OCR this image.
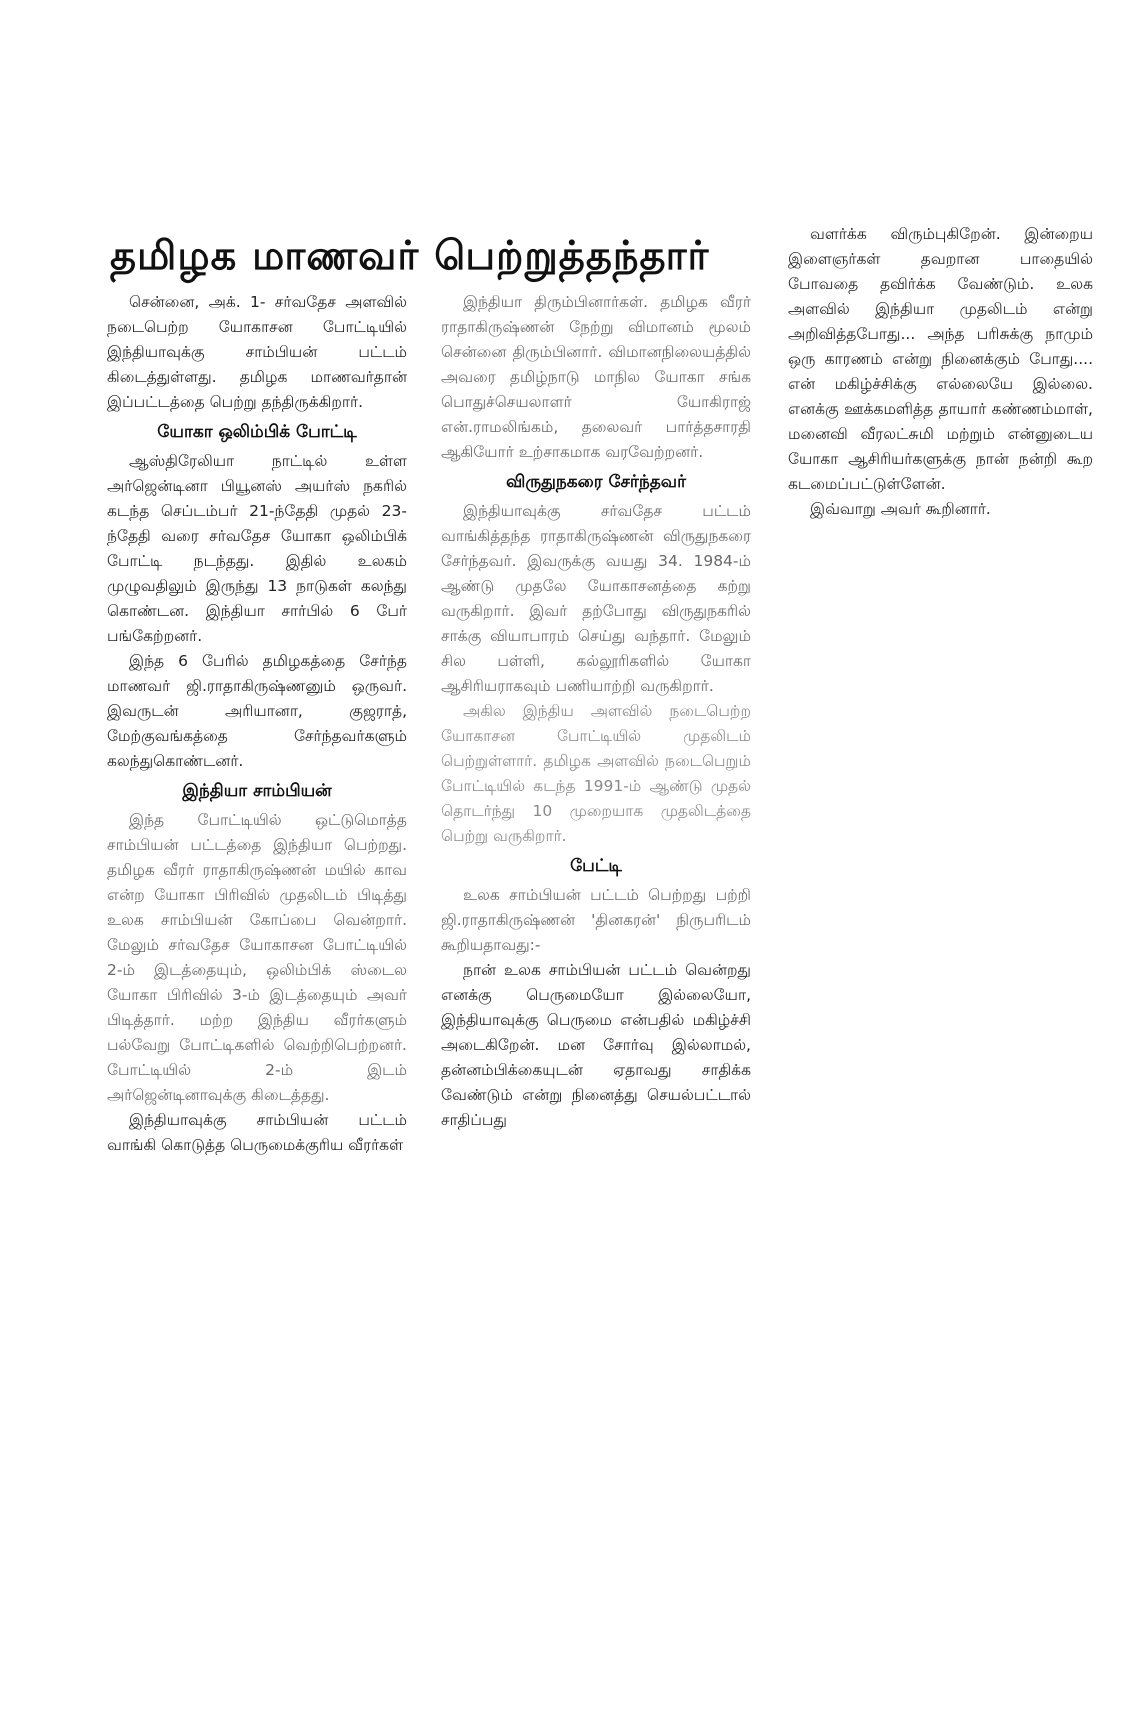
தமிழக மாணவர் பெற்றுத்தந்தார்

சென்னை, அக். 1- சர்வதேச அளவில் நடைபெற்ற யோகாசன போட்டியில் இந்தியாவுக்கு சாம்பியன் பட்டம் கிடைத்துள்ளது. தமிழக மாணவர்தான் இப்பட்டத்தை பெற்று தந்திருக்கிறார்.

யோகா ஒலிம்பிக் போட்டி

ஆஸ்திரேலியா நாட்டில் உள்ள அர்ஜென்டினா பியூனஸ் அயர்ஸ் நகரில் கடந்த செப்டம்பர் 21-ந்தேதி முதல் 23-ந்தேதி வரை சர்வதேச யோகா ஒலிம்பிக் போட்டி நடந்தது. இதில் உலகம் முழுவதிலும் இருந்து 13 நாடுகள் கலந்து கொண்டன. இந்தியா சார்பில் 6 பேர் பங்கேற்றனர்.

இந்த 6 பேரில் தமிழகத்தை சேர்ந்த மாணவர் ஜி.ராதாகிருஷ்ணனும் ஒருவர். இவருடன் அரியானா, குஜராத், மேற்குவங்கத்தை சேர்ந்தவர்களும் கலந்துகொண்டனர்.

இந்தியா சாம்பியன்

இந்த போட்டியில் ஒட்டுமொத்த சாம்பியன் பட்டத்தை இந்தியா பெற்றது. தமிழக வீரர் ராதாகிருஷ்ணன் மயில் காவ என்ற யோகா பிரிவில் முதலிடம் பிடித்து உலக சாம்பியன் கோப்பை வென்றார். மேலும் சர்வதேச யோகாசன போட்டியில் 2-ம் இடத்தையும், ஒலிம்பிக் ஸ்டைல யோகா பிரிவில் 3-ம் இடத்தையும் அவர் பிடித்தார். மற்ற இந்திய வீரர்களும் பல்வேறு போட்டிகளில் வெற்றிபெற்றனர். போட்டியில் 2-ம் இடம் அர்ஜென்டினாவுக்கு கிடைத்தது.

இந்தியாவுக்கு சாம்பியன் பட்டம் வாங்கி கொடுத்த பெருமைக்குரிய வீரர்கள்

இந்தியா திரும்பினார்கள். தமிழக வீரர் ராதாகிருஷ்ணன் நேற்று விமானம் மூலம் சென்னை திரும்பினார். விமானநிலையத்தில் அவரை தமிழ்நாடு மாநில யோகா சங்க பொதுச்செயலாளர் யோகிராஜ் என்.ராமலிங்கம், தலைவர் பார்த்தசாரதி ஆகியோர் உற்சாகமாக வரவேற்றனர்.

விருதுநகரை சேர்ந்தவர்

இந்தியாவுக்கு சர்வதேச பட்டம் வாங்கித்தந்த ராதாகிருஷ்ணன் விருதுநகரை சேர்ந்தவர். இவருக்கு வயது 34. 1984-ம் ஆண்டு முதலே யோகாசனத்தை கற்று வருகிறார். இவர் தற்போது விருதுநகரில் சாக்கு வியாபாரம் செய்து வந்தார். மேலும் சில பள்ளி, கல்லூரிகளில் யோகா ஆசிரியராகவும் பணியாற்றி வருகிறார்.

அகில இந்திய அளவில் நடைபெற்ற யோகாசன போட்டியில் முதலிடம் பெற்றுள்ளார். தமிழக அளவில் நடைபெறும் போட்டியில் கடந்த 1991-ம் ஆண்டு முதல் தொடர்ந்து 10 முறையாக முதலிடத்தை பெற்று வருகிறார்.

பேட்டி

உலக சாம்பியன் பட்டம் பெற்றது பற்றி ஜி.ராதாகிருஷ்ணன் 'தினகரன்' நிருபரிடம் கூறியதாவது:-

நான் உலக சாம்பியன் பட்டம் வென்றது எனக்கு பெருமையோ இல்லையோ, இந்தியாவுக்கு பெருமை என்பதில் மகிழ்ச்சி அடைகிறேன். மன சோர்வு இல்லாமல், தன்னம்பிக்கையுடன் ஏதாவது சாதிக்க வேண்டும் என்று நினைத்து செயல்பட்டால் சாதிப்பது

வளர்க்க விரும்புகிறேன். இன்றைய இளைஞர்கள் தவறான பாதையில் போவதை தவிர்க்க வேண்டும். உலக அளவில் இந்தியா முதலிடம் என்று அறிவித்தபோது... அந்த பரிசுக்கு நாமும் ஒரு காரணம் என்று நினைக்கும் போது.... என் மகிழ்ச்சிக்கு எல்லையே இல்லை. எனக்கு ஊக்கமளித்த தாயார் கண்ணம்மாள், மனைவி வீரலட்சுமி மற்றும் என்னுடைய யோகா ஆசிரியர்களுக்கு நான் நன்றி கூற கடமைப்பட்டுள்ளேன்.

இவ்வாறு அவர் கூறினார்.
